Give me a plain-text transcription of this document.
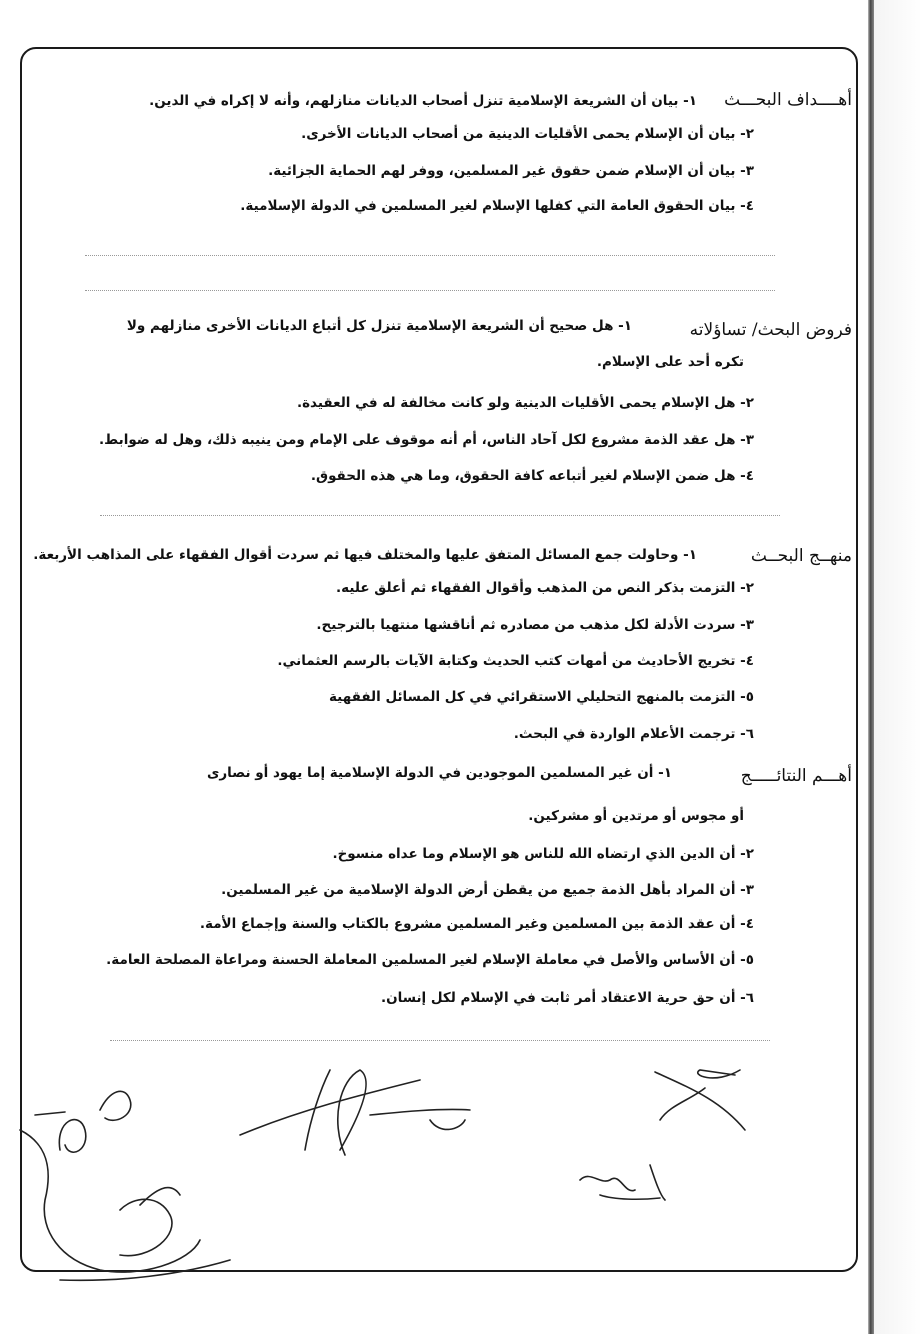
أهــــداف البحـــث
١- بيان أن الشريعة الإسلامية تنزل أصحاب الديانات منازلهم، وأنه لا إكراه في الدين.
٢- بيان أن الإسلام يحمى الأقليات الدينية من أصحاب الديانات الأخرى.
٣- بيان أن الإسلام ضمن حقوق غير المسلمين، ووفر لهم الحماية الجزائية.
٤- بيان الحقوق العامة التي كفلها الإسلام لغير المسلمين في الدولة الإسلامية.
فروض البحث/ تساؤلاته
١- هل صحيح أن الشريعة الإسلامية تنزل كل أتباع الديانات الأخرى منازلهم ولا
تكره أحد على الإسلام.
٢- هل الإسلام يحمى الأقليات الدينية ولو كانت مخالفة له في العقيدة.
٣- هل عقد الذمة مشروع لكل آحاد الناس، أم أنه موقوف على الإمام ومن ينيبه ذلك، وهل له ضوابط.
٤- هل ضمن الإسلام لغير أتباعه كافة الحقوق، وما هي هذه الحقوق.
منهــج البحــث
١- وحاولت جمع المسائل المتفق عليها والمختلف فيها ثم سردت أقوال الفقهاء على المذاهب الأربعة.
٢- التزمت بذكر النص من المذهب وأقوال الفقهاء ثم أعلق عليه.
٣- سردت الأدلة لكل مذهب من مصادره ثم أناقشها منتهيا بالترجيح.
٤- تخريج الأحاديث من أمهات كتب الحديث وكتابة الآيات بالرسم العثماني.
٥- التزمت بالمنهج التحليلي الاستقرائي في كل المسائل الفقهية
٦- ترجمت الأعلام الواردة في البحث.
أهـــم النتائـــــج
١- أن غير المسلمين الموجودين في الدولة الإسلامية إما يهود أو نصارى
أو مجوس أو مرتدين أو مشركين.
٢- أن الدين الذي ارتضاه الله للناس هو الإسلام وما عداه منسوخ.
٣- أن المراد بأهل الذمة جميع من يقطن أرض الدولة الإسلامية من غير المسلمين.
٤- أن عقد الذمة بين المسلمين وغير المسلمين مشروع بالكتاب والسنة وإجماع الأمة.
٥- أن الأساس والأصل في معاملة الإسلام لغير المسلمين المعاملة الحسنة ومراعاة المصلحة العامة.
٦- أن حق حرية الاعتقاد أمر ثابت في الإسلام لكل إنسان.
